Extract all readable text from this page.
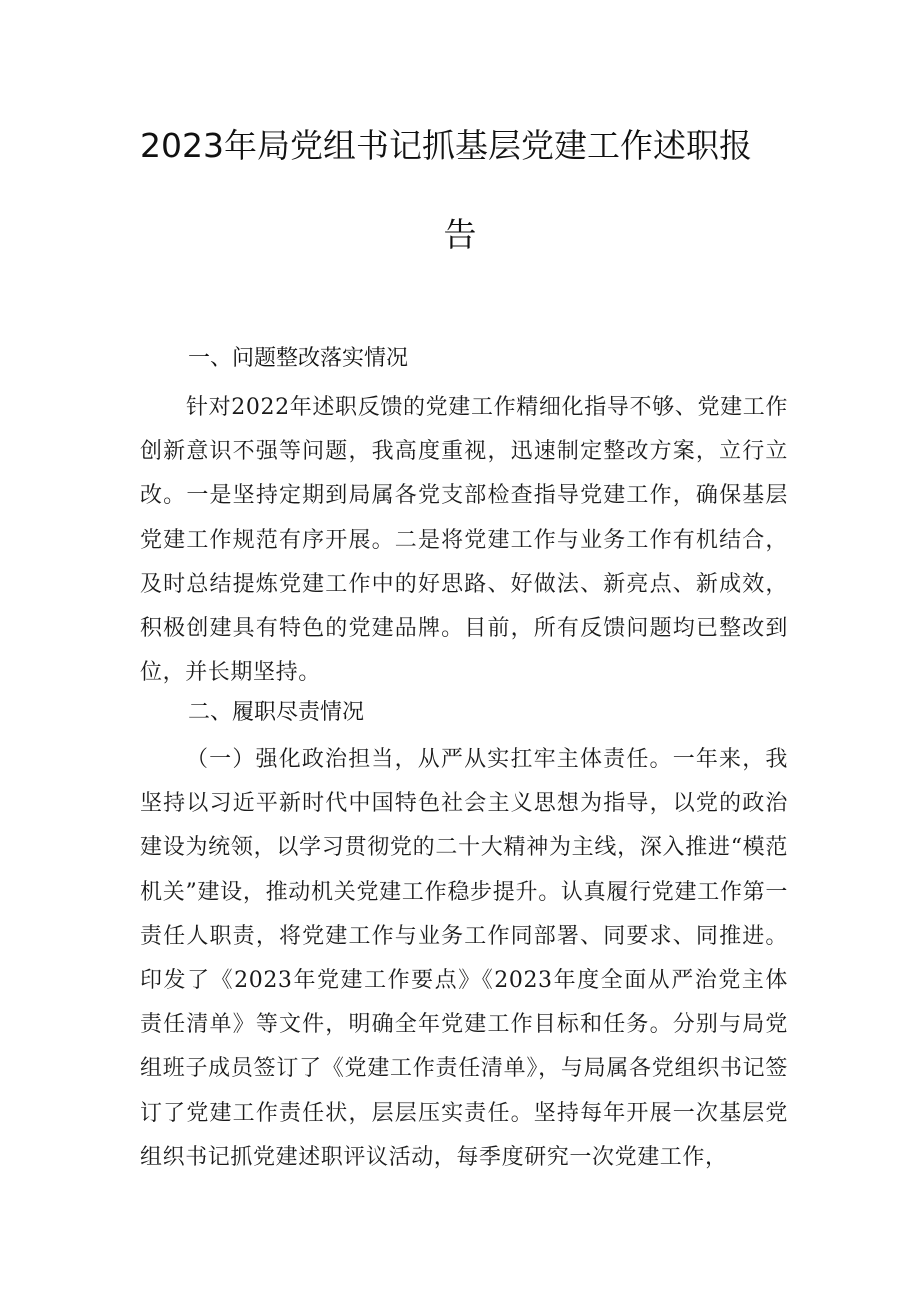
2023年局党组书记抓基层党建工作述职报
告
一、问题整改落实情况

针对2022年述职反馈的党建工作精细化指导不够、党建工作创新意识不强等问题，我高度重视，迅速制定整改方案，立行立改。一是坚持定期到局属各党支部检查指导党建工作，确保基层党建工作规范有序开展。二是将党建工作与业务工作有机结合，及时总结提炼党建工作中的好思路、好做法、新亮点、新成效，积极创建具有特色的党建品牌。目前，所有反馈问题均已整改到位，并长期坚持。

二、履职尽责情况

（一）强化政治担当，从严从实扛牢主体责任。一年来，我坚持以习近平新时代中国特色社会主义思想为指导，以党的政治建设为统领，以学习贯彻党的二十大精神为主线，深入推进“模范机关”建设，推动机关党建工作稳步提升。认真履行党建工作第一责任人职责，将党建工作与业务工作同部署、同要求、同推进。印发了《2023年党建工作要点》《2023年度全面从严治党主体责任清单》等文件，明确全年党建工作目标和任务。分别与局党组班子成员签订了《党建工作责任清单》，与局属各党组织书记签订了党建工作责任状，层层压实责任。坚持每年开展一次基层党组织书记抓党建述职评议活动，每季度研究一次党建工作，
